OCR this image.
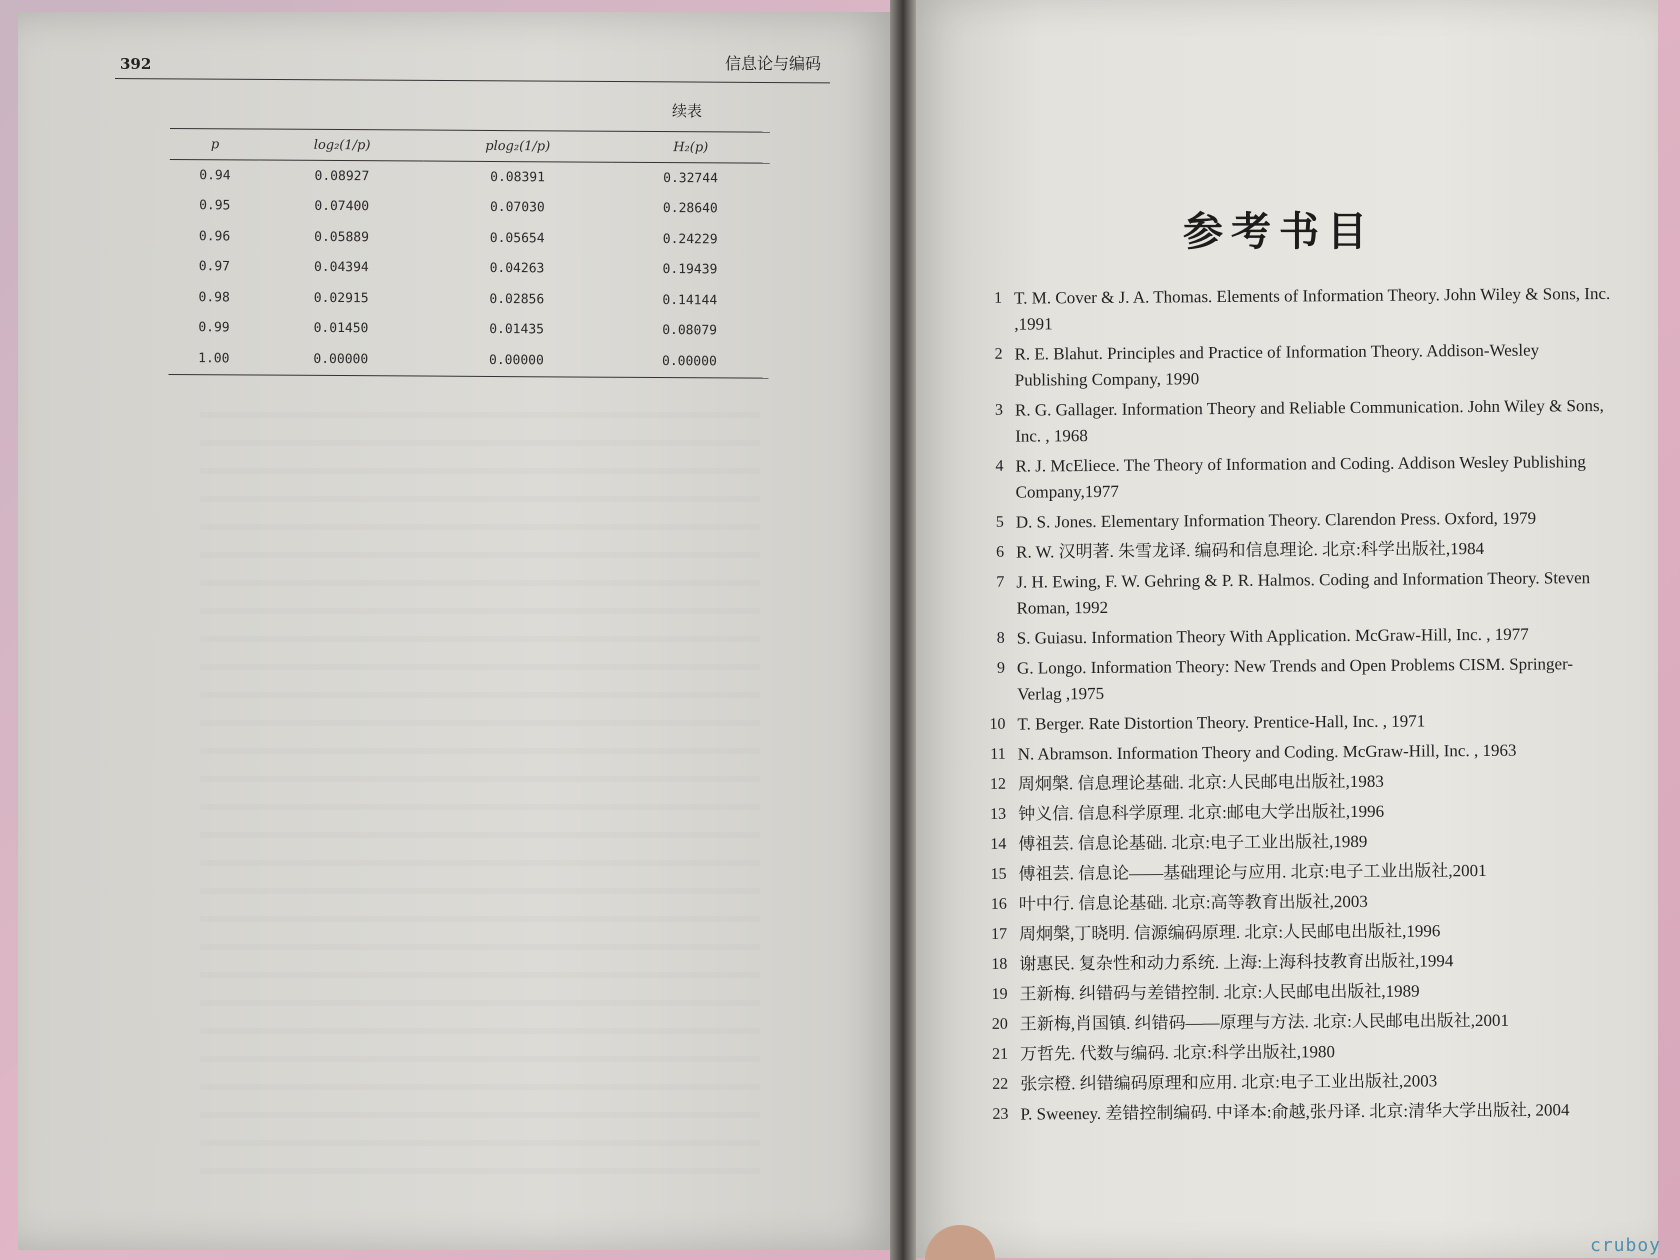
392	信息论与编码
续表
p	log₂(1/p)	plog₂(1/p)	H₂(p)
0.94	0.08927	0.08391	0.32744
0.95	0.07400	0.07030	0.28640
0.96	0.05889	0.05654	0.24229
0.97	0.04394	0.04263	0.19439
0.98	0.02915	0.02856	0.14144
0.99	0.01450	0.01435	0.08079
1.00	0.00000	0.00000	0.00000
参考书目
1 T. M. Cover & J. A. Thomas. Elements of Information Theory. John Wiley & Sons, Inc. ,1991
2 R. E. Blahut. Principles and Practice of Information Theory. Addison-Wesley Publishing Company, 1990
3 R. G. Gallager. Information Theory and Reliable Communication. John Wiley & Sons, Inc. , 1968
4 R. J. McEliece. The Theory of Information and Coding. Addison Wesley Publishing Company,1977
5 D. S. Jones. Elementary Information Theory. Clarendon Press. Oxford, 1979
6 R. W. 汉明著. 朱雪龙译. 编码和信息理论. 北京:科学出版社,1984
7 J. H. Ewing, F. W. Gehring & P. R. Halmos. Coding and Information Theory. Steven Roman, 1992
8 S. Guiasu. Information Theory With Application. McGraw-Hill, Inc. , 1977
9 G. Longo. Information Theory: New Trends and Open Problems CISM. Springer-Verlag ,1975
10 T. Berger. Rate Distortion Theory. Prentice-Hall, Inc. , 1971
11 N. Abramson. Information Theory and Coding. McGraw-Hill, Inc. , 1963
12 周炯槃. 信息理论基础. 北京:人民邮电出版社,1983
13 钟义信. 信息科学原理. 北京:邮电大学出版社,1996
14 傅祖芸. 信息论基础. 北京:电子工业出版社,1989
15 傅祖芸. 信息论——基础理论与应用. 北京:电子工业出版社,2001
16 叶中行. 信息论基础. 北京:高等教育出版社,2003
17 周炯槃,丁晓明. 信源编码原理. 北京:人民邮电出版社,1996
18 谢惠民. 复杂性和动力系统. 上海:上海科技教育出版社,1994
19 王新梅. 纠错码与差错控制. 北京:人民邮电出版社,1989
20 王新梅,肖国镇. 纠错码——原理与方法. 北京:人民邮电出版社,2001
21 万哲先. 代数与编码. 北京:科学出版社,1980
22 张宗橙. 纠错编码原理和应用. 北京:电子工业出版社,2003
23 P. Sweeney. 差错控制编码. 中译本:俞越,张丹译. 北京:清华大学出版社, 2004
cruboy
